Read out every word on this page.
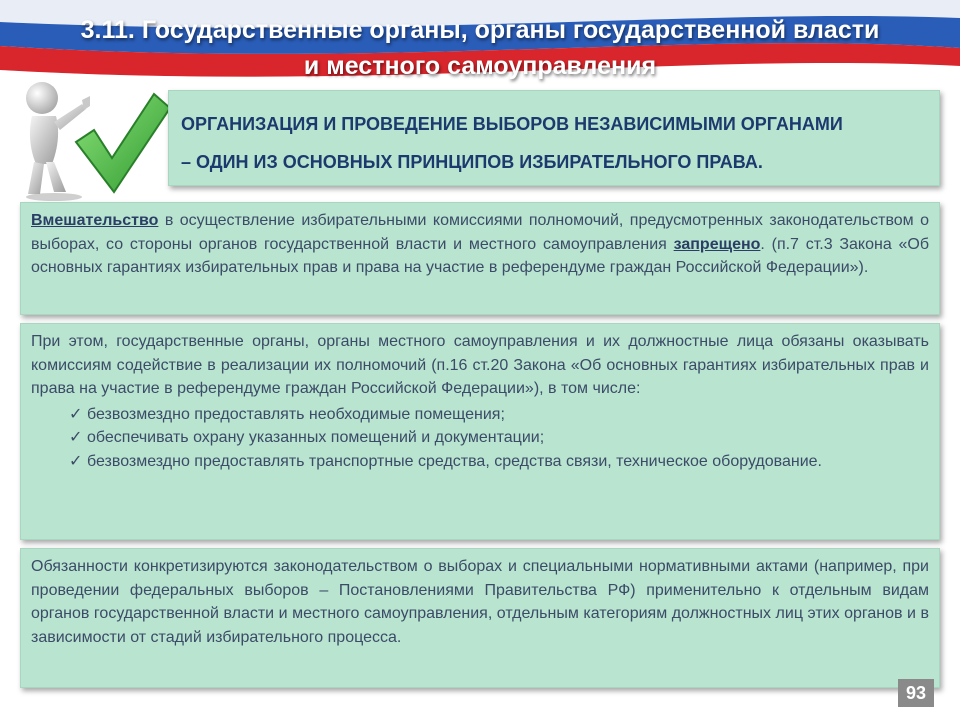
3.11. Государственные органы, органы государственной власти
и местного самоуправления

ОРГАНИЗАЦИЯ И ПРОВЕДЕНИЕ ВЫБОРОВ НЕЗАВИСИМЫМИ ОРГАНАМИ

– ОДИН ИЗ ОСНОВНЫХ ПРИНЦИПОВ ИЗБИРАТЕЛЬНОГО ПРАВА.

Вмешательство в осуществление избирательными комиссиями полномочий, предусмотренных законодательством о выборах, со стороны органов государственной власти и местного самоуправления запрещено. (п.7 ст.3 Закона «Об основных гарантиях избирательных прав и права на участие в референдуме граждан Российской Федерации»).

При этом, государственные органы, органы местного самоуправления и их должностные лица обязаны оказывать комиссиям содействие в реализации их полномочий (п.16 ст.20 Закона «Об основных гарантиях избирательных прав и права на участие в референдуме граждан Российской Федерации»), в том числе:

✓ безвозмездно предоставлять необходимые помещения;
✓ обеспечивать охрану указанных помещений и документации;
✓ безвозмездно предоставлять транспортные средства, средства связи, техническое оборудование.

Обязанности конкретизируются законодательством о выборах и специальными нормативными актами (например, при проведении федеральных выборов – Постановлениями Правительства РФ) применительно к отдельным видам органов государственной власти и местного самоуправления, отдельным категориям должностных лиц этих органов и в зависимости от стадий избирательного процесса.

93
